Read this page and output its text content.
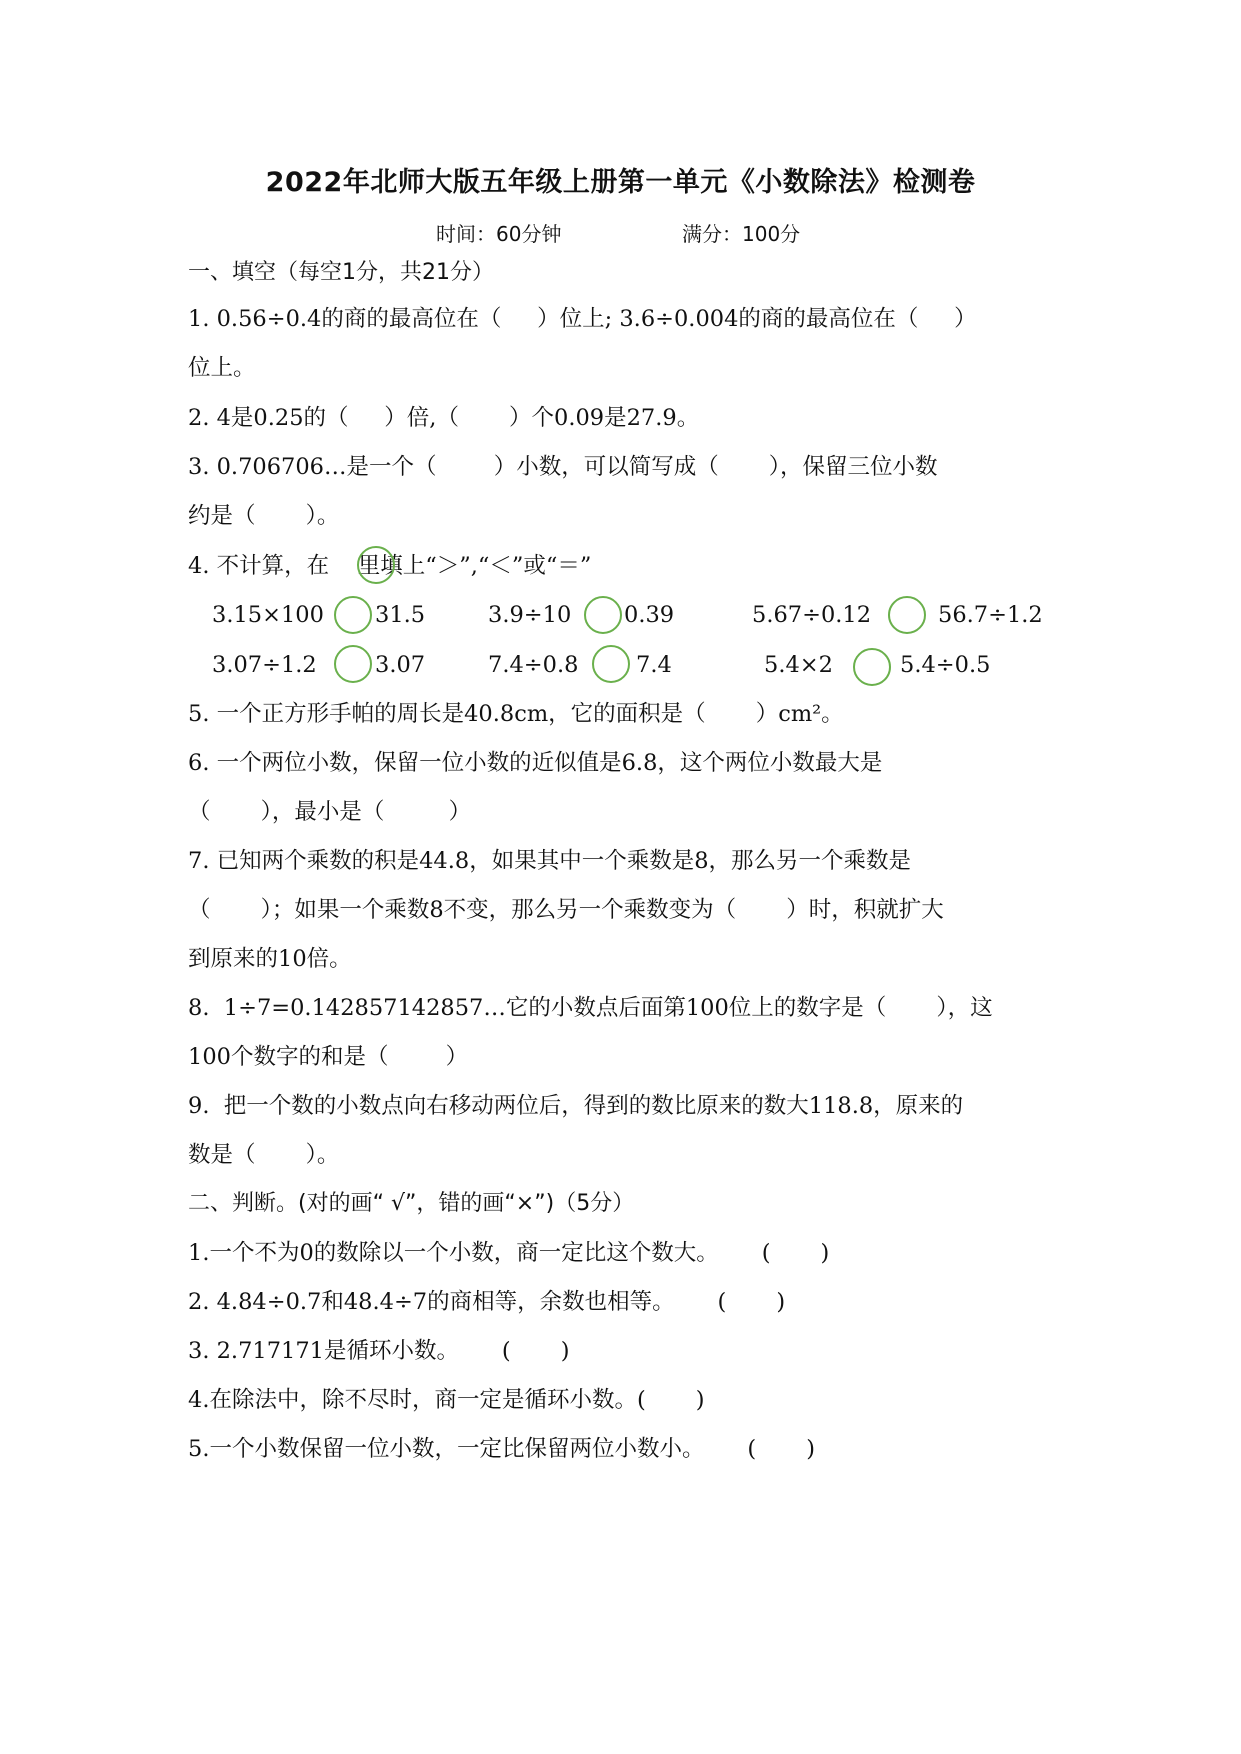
2022年北师大版五年级上册第一单元《小数除法》检测卷
时间：60分钟	满分：100分
一、填空（每空1分，共21分）
1. 0.56÷0.4的商的最高位在（     ）位上; 3.6÷0.004的商的最高位在（     ）
位上。
2. 4是0.25的（     ）倍,（       ）个0.09是27.9。
3. 0.706706…是一个（        ）小数，可以简写成（       ），保留三位小数
约是（       ）。
4. 不计算，在    里填上“＞”,“＜”或“＝”
3.15×100 31.5	3.9÷10 0.39	5.67÷0.12	56.7÷1.2
3.07÷1.2	3.07	7.4÷0.8	7.4	5.4×2	5.4÷0.5
5. 一个正方形手帕的周长是40.8cm，它的面积是（       ）cm²。
6. 一个两位小数，保留一位小数的近似值是6.8，这个两位小数最大是
（       ），最小是（         ）
7. 已知两个乘数的积是44.8，如果其中一个乘数是8，那么另一个乘数是
（       ）；如果一个乘数8不变，那么另一个乘数变为（       ）时，积就扩大
到原来的10倍。
8.  1÷7=0.142857142857…它的小数点后面第100位上的数字是（       ），这
100个数字的和是（        ）
9.  把一个数的小数点向右移动两位后，得到的数比原来的数大118.8，原来的
数是（       ）。
二、判断。(对的画“ √”，错的画“×”)（5分）
1.一个不为0的数除以一个小数，商一定比这个数大。      (       )
2. 4.84÷0.7和48.4÷7的商相等，余数也相等。      (       )
3. 2.717171是循环小数。      (       )
4.在除法中，除不尽时，商一定是循环小数。(       )
5.一个小数保留一位小数，一定比保留两位小数小。      (       )
